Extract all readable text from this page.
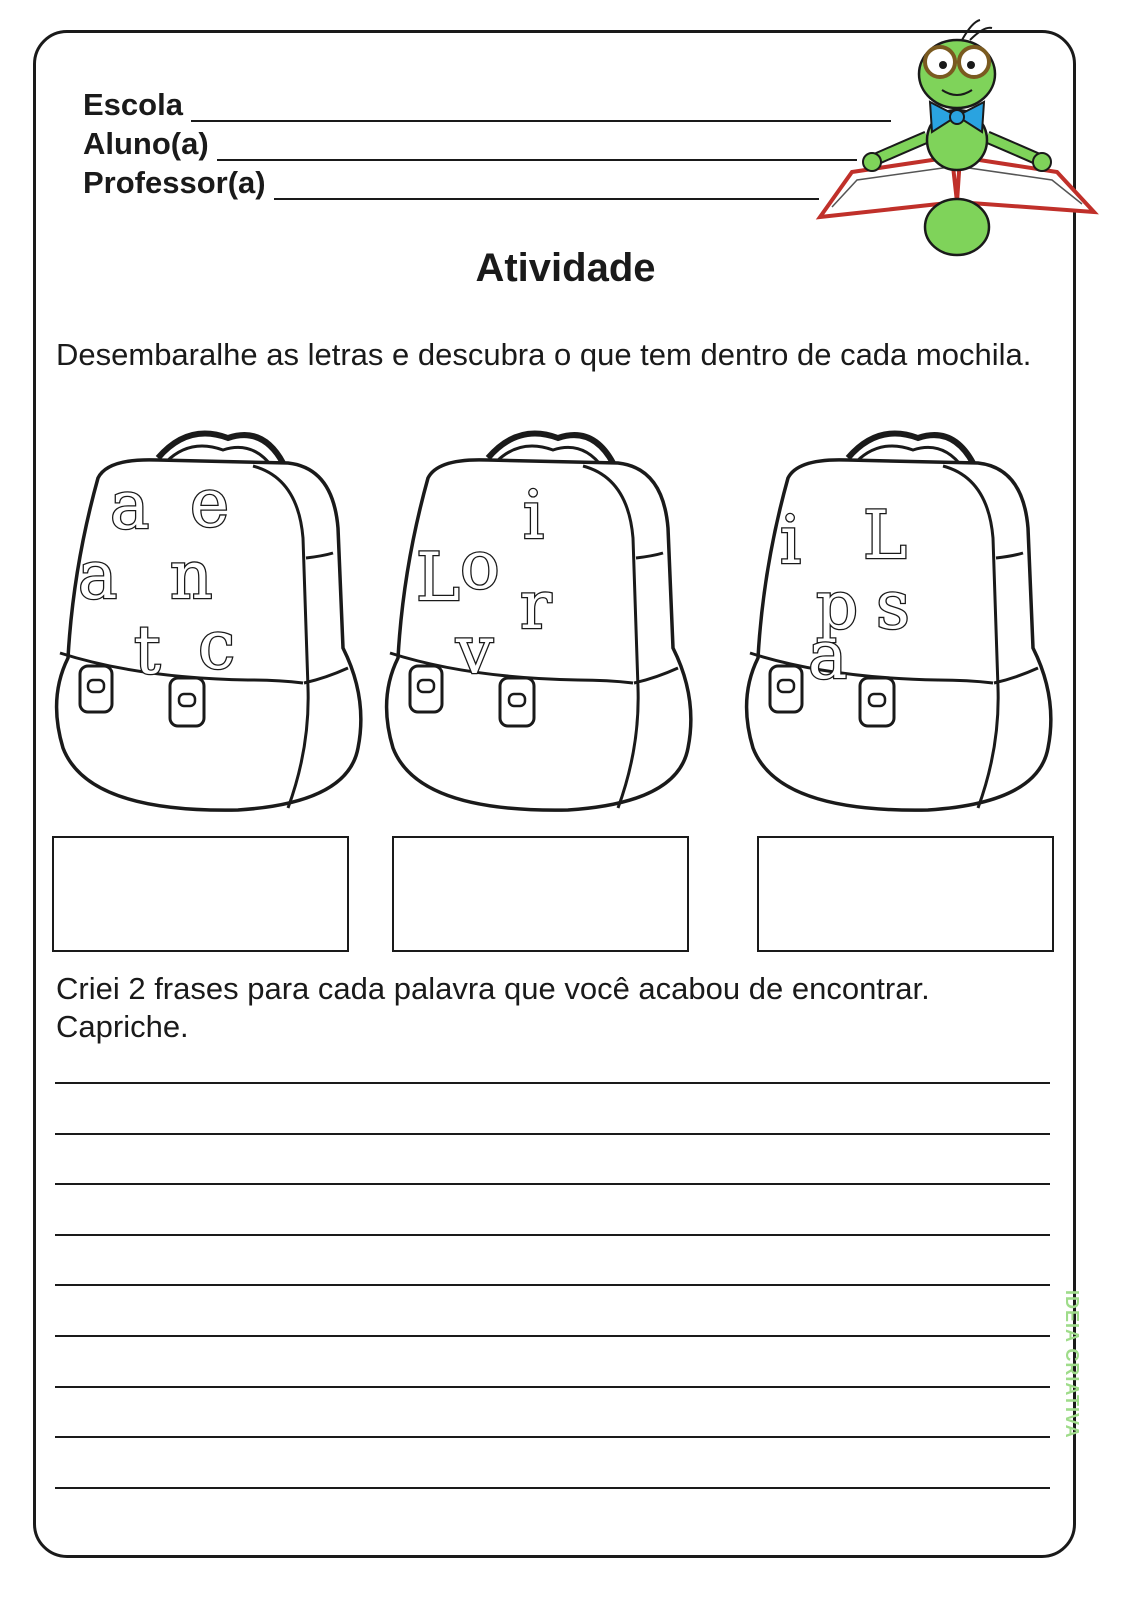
Escola
Aluno(a)
Professor(a)
Atividade
Desembaralhe as letras e descubra o que tem dentro de cada mochila.
a e
a n
t c
i
L o
r
v
i L
p s
a
Criei 2 frases para cada palavra que você acabou de encontrar. Capriche.
IDEIA CRIATIVA
